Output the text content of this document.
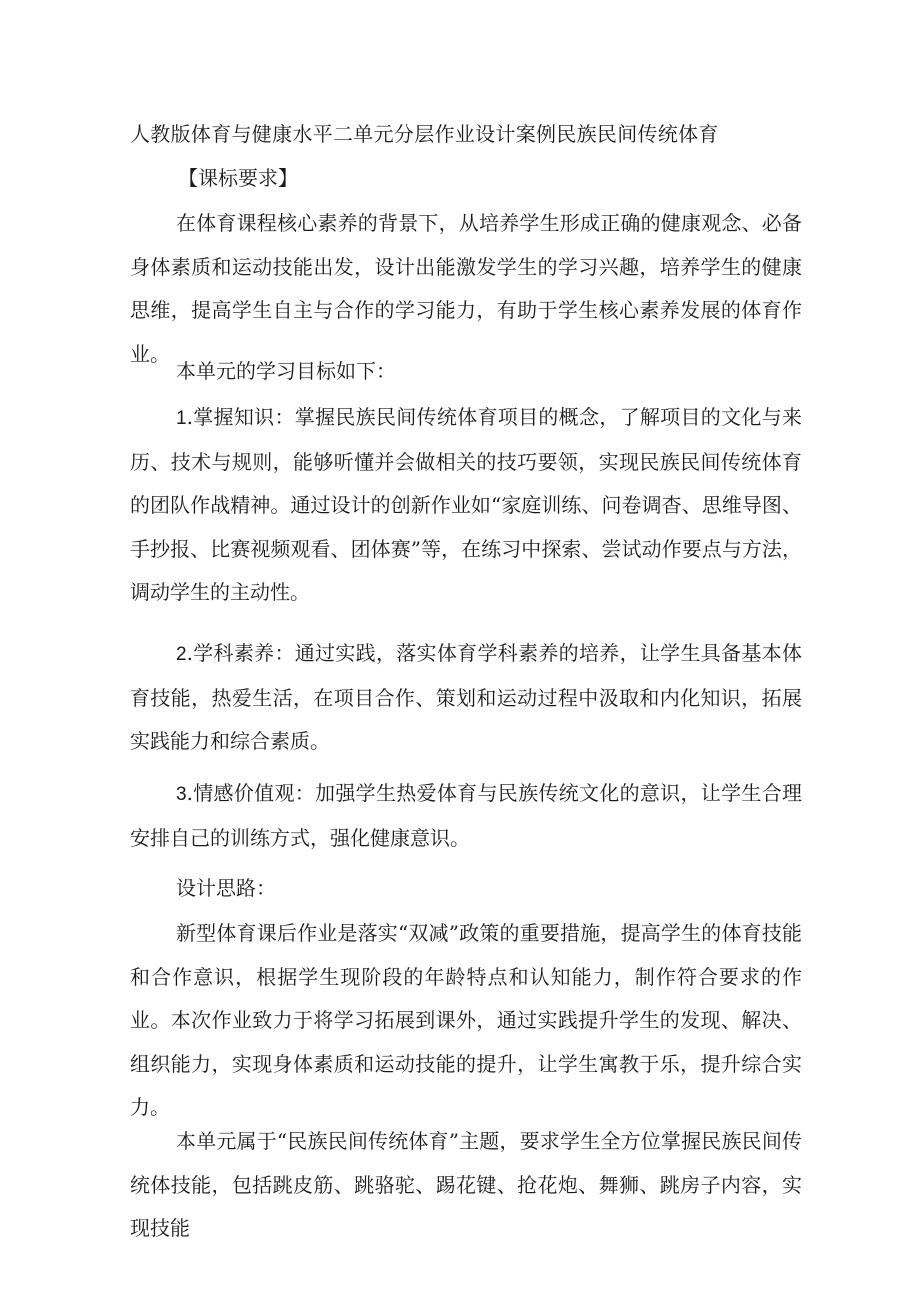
人教版体育与健康水平二单元分层作业设计案例民族民间传统体育
【课标要求】

在体育课程核心素养的背景下，从培养学生形成正确的健康观念、必备身体素质和运动技能出发，设计出能激发学生的学习兴趣，培养学生的健康思维，提高学生自主与合作的学习能力，有助于学生核心素养发展的体育作业。

本单元的学习目标如下：

1.掌握知识：掌握民族民间传统体育项目的概念，了解项目的文化与来历、技术与规则，能够听懂并会做相关的技巧要领，实现民族民间传统体育的团队作战精神。通过设计的创新作业如“家庭训练、问卷调杳、思维导图、手抄报、比赛视频观看、团体赛”等，在练习中探索、尝试动作要点与方法，调动学生的主动性。

2.学科素养：通过实践，落实体育学科素养的培养，让学生具备基本体育技能，热爱生活，在项目合作、策划和运动过程中汲取和内化知识，拓展实践能力和综合素质。

3.情感价值观：加强学生热爱体育与民族传统文化的意识，让学生合理安排自己的训练方式，强化健康意识。

设计思路：

新型体育课后作业是落实“双减”政策的重要措施，提高学生的体育技能和合作意识，根据学生现阶段的年龄特点和认知能力，制作符合要求的作业。本次作业致力于将学习拓展到课外，通过实践提升学生的发现、解决、组织能力，实现身体素质和运动技能的提升，让学生寓教于乐，提升综合实力。

本单元属于“民族民间传统体育”主题，要求学生全方位掌握民族民间传统体技能，包括跳皮筋、跳骆驼、踢花键、抢花炮、舞狮、跳房子内容，实现技能
